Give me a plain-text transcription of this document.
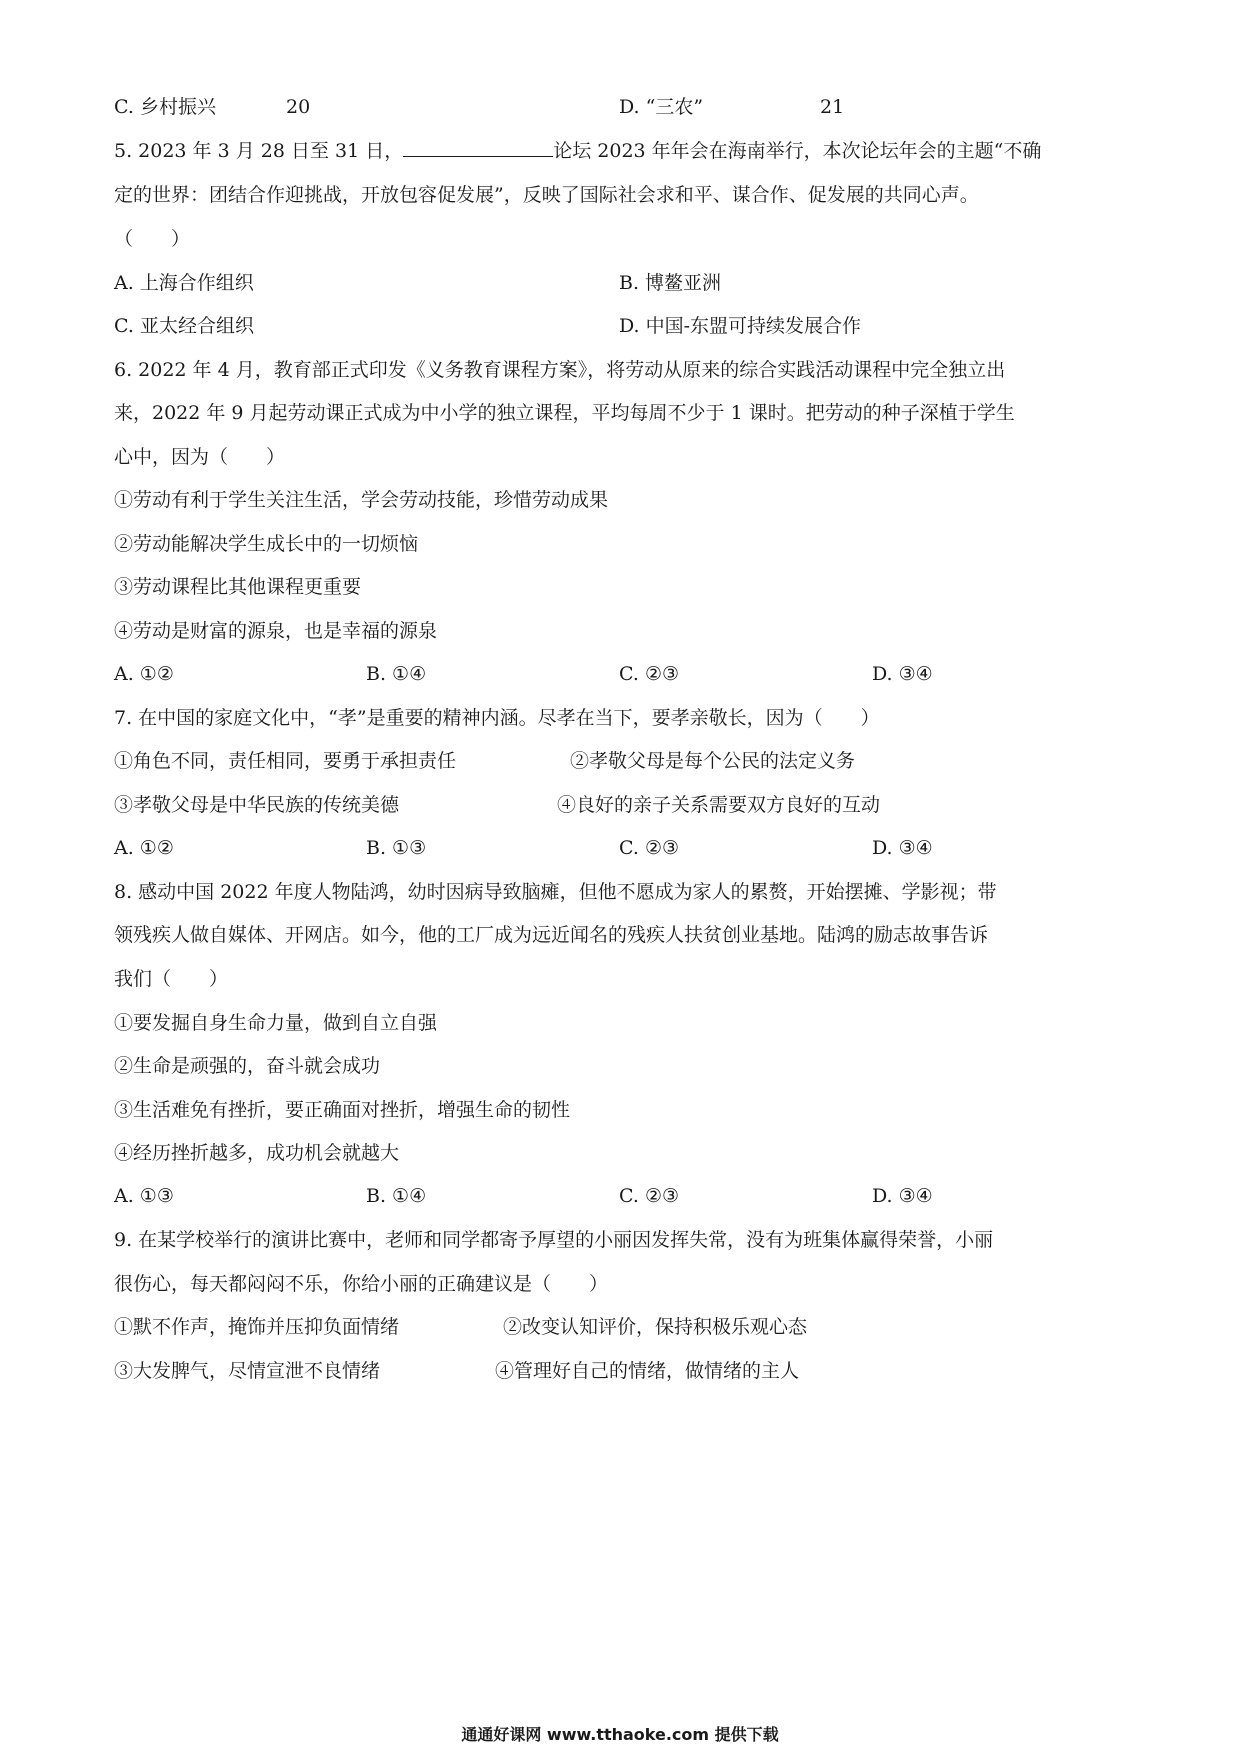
C. 乡村振兴	20	D. “三农”	21
5. 2023 年 3 月 28 日至 31 日，	论坛 2023 年年会在海南举行，本次论坛年会的主题“不确
定的世界：团结合作迎挑战，开放包容促发展”，反映了国际社会求和平、谋合作、促发展的共同心声。
（　　）
A. 上海合作组织	B. 博鳌亚洲
C. 亚太经合组织	D. 中国-东盟可持续发展合作
6. 2022 年 4 月，教育部正式印发《义务教育课程方案》，将劳动从原来的综合实践活动课程中完全独立出
来，2022 年 9 月起劳动课正式成为中小学的独立课程，平均每周不少于 1 课时。把劳动的种子深植于学生
心中，因为（　　）
①劳动有利于学生关注生活，学会劳动技能，珍惜劳动成果
②劳动能解决学生成长中的一切烦恼
③劳动课程比其他课程更重要
④劳动是财富的源泉，也是幸福的源泉
A. ①②	B. ①④	C. ②③	D. ③④
7. 在中国的家庭文化中，“孝”是重要的精神内涵。尽孝在当下，要孝亲敬长，因为（　　）
①角色不同，责任相同，要勇于承担责任	②孝敬父母是每个公民的法定义务
③孝敬父母是中华民族的传统美德	④良好的亲子关系需要双方良好的互动
A. ①②	B. ①③	C. ②③	D. ③④
8. 感动中国 2022 年度人物陆鸿，幼时因病导致脑瘫，但他不愿成为家人的累赘，开始摆摊、学影视；带
领残疾人做自媒体、开网店。如今，他的工厂成为远近闻名的残疾人扶贫创业基地。陆鸿的励志故事告诉
我们（　　）
①要发掘自身生命力量，做到自立自强
②生命是顽强的，奋斗就会成功
③生活难免有挫折，要正确面对挫折，增强生命的韧性
④经历挫折越多，成功机会就越大
A. ①③	B. ①④	C. ②③	D. ③④
9. 在某学校举行的演讲比赛中，老师和同学都寄予厚望的小丽因发挥失常，没有为班集体赢得荣誉，小丽
很伤心，每天都闷闷不乐，你给小丽的正确建议是（　　）
①默不作声，掩饰并压抑负面情绪	②改变认知评价，保持积极乐观心态
③大发脾气，尽情宣泄不良情绪	④管理好自己的情绪，做情绪的主人
通通好课网 www.tthaoke.com 提供下载
